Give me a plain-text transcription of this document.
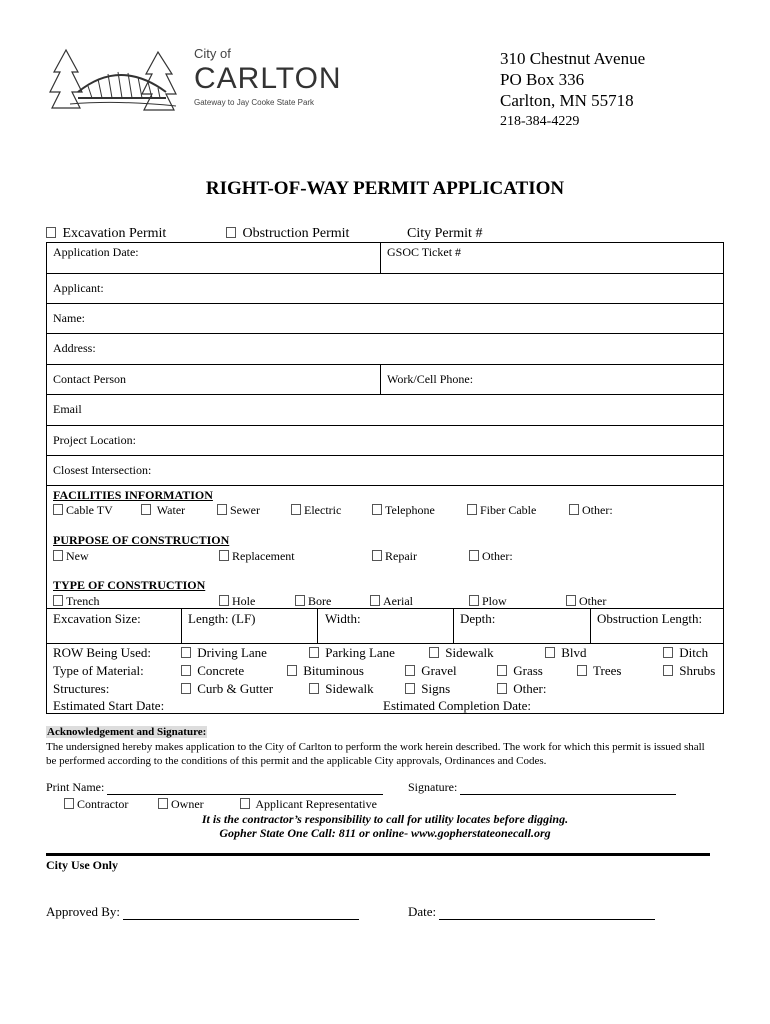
City of
CARLTON
Gateway to Jay Cooke State Park
310 Chestnut Avenue
PO Box 336
Carlton, MN 55718
218-384-4229
RIGHT-OF-WAY PERMIT APPLICATION
Excavation Permit	Obstruction Permit	City Permit #
Application Date:	GSOC Ticket #
Applicant:
Name:
Address:
Contact Person	Work/Cell Phone:
Email
Project Location:
Closest Intersection:
FACILITIES INFORMATION
Cable TV	Water	Sewer	Electric	Telephone	Fiber Cable	Other:
PURPOSE OF CONSTRUCTION
New	Replacement	Repair	Other:
TYPE OF CONSTRUCTION
Trench	Hole	Bore	Aerial	Plow	Other
Excavation Size:	Length: (LF)	Width:	Depth:	Obstruction Length:
ROW Being Used:	Driving Lane	Parking Lane	Sidewalk	Blvd	Ditch
Type of Material:	Concrete	Bituminous	Gravel	Grass	Trees	Shrubs
Structures:	Curb & Gutter	Sidewalk	Signs	Other:
Estimated Start Date:	Estimated Completion Date:
Acknowledgement and Signature:
The undersigned hereby makes application to the City of Carlton to perform the work herein described. The work for which this permit is issued shall be performed according to the conditions of this permit and the applicable City approvals, Ordinances and Codes.
Print Name:	Signature:
Contractor	Owner	Applicant Representative
It is the contractor’s responsibility to call for utility locates before digging.
Gopher State One Call: 811 or online- www.gopherstateonecall.org
City Use Only
Approved By:	Date:
